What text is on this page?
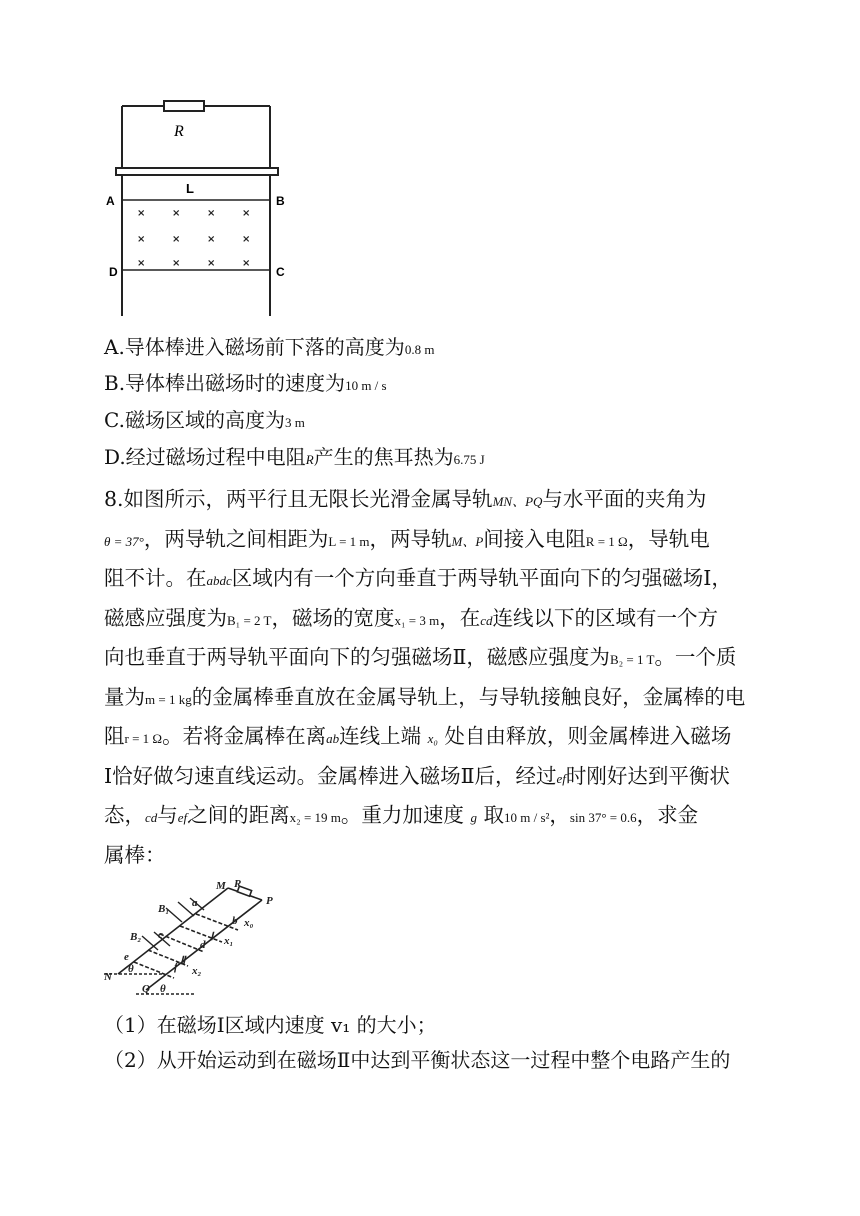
R
L
A	B
D	C
×	×	×	×
×	×	×	×
×	×	×	×
A.导体棒进入磁场前下落的高度为0.8 m
B.导体棒出磁场时的速度为10 m / s
C.磁场区域的高度为3 m
D.经过磁场过程中电阻R产生的焦耳热为6.75 J
8.如图所示，两平行且无限长光滑金属导轨MN、PQ与水平面的夹角为
θ = 37°，两导轨之间相距为L = 1 m，两导轨M、P间接入电阻R = 1 Ω，导轨电
阻不计。在abdc区域内有一个方向垂直于两导轨平面向下的匀强磁场Ⅰ，
磁感应强度为B₁ = 2 T，磁场的宽度x₁ = 3 m，在cd连线以下的区域有一个方
向也垂直于两导轨平面向下的匀强磁场Ⅱ，磁感应强度为B₂ = 1 T。一个质
量为m = 1 kg的金属棒垂直放在金属导轨上，与导轨接触良好，金属棒的电
阻r = 1 Ω。若将金属棒在离ab连线上端 x₀ 处自由释放，则金属棒进入磁场
Ⅰ恰好做匀速直线运动。金属棒进入磁场Ⅱ后，经过ef时刚好达到平衡状
态，cd与ef之间的距离x₂ = 19 m。重力加速度 g 取10 m / s²，sin 37° = 0.6，求金
属棒：
M R
P
B₁ a
b x₀
Ⅰ
B₂ c
d x₁
Ⅱ
e
f
N	x₂
Q
θ
θ
（1）在磁场Ⅰ区域内速度 v₁ 的大小；
（2）从开始运动到在磁场Ⅱ中达到平衡状态这一过程中整个电路产生的
